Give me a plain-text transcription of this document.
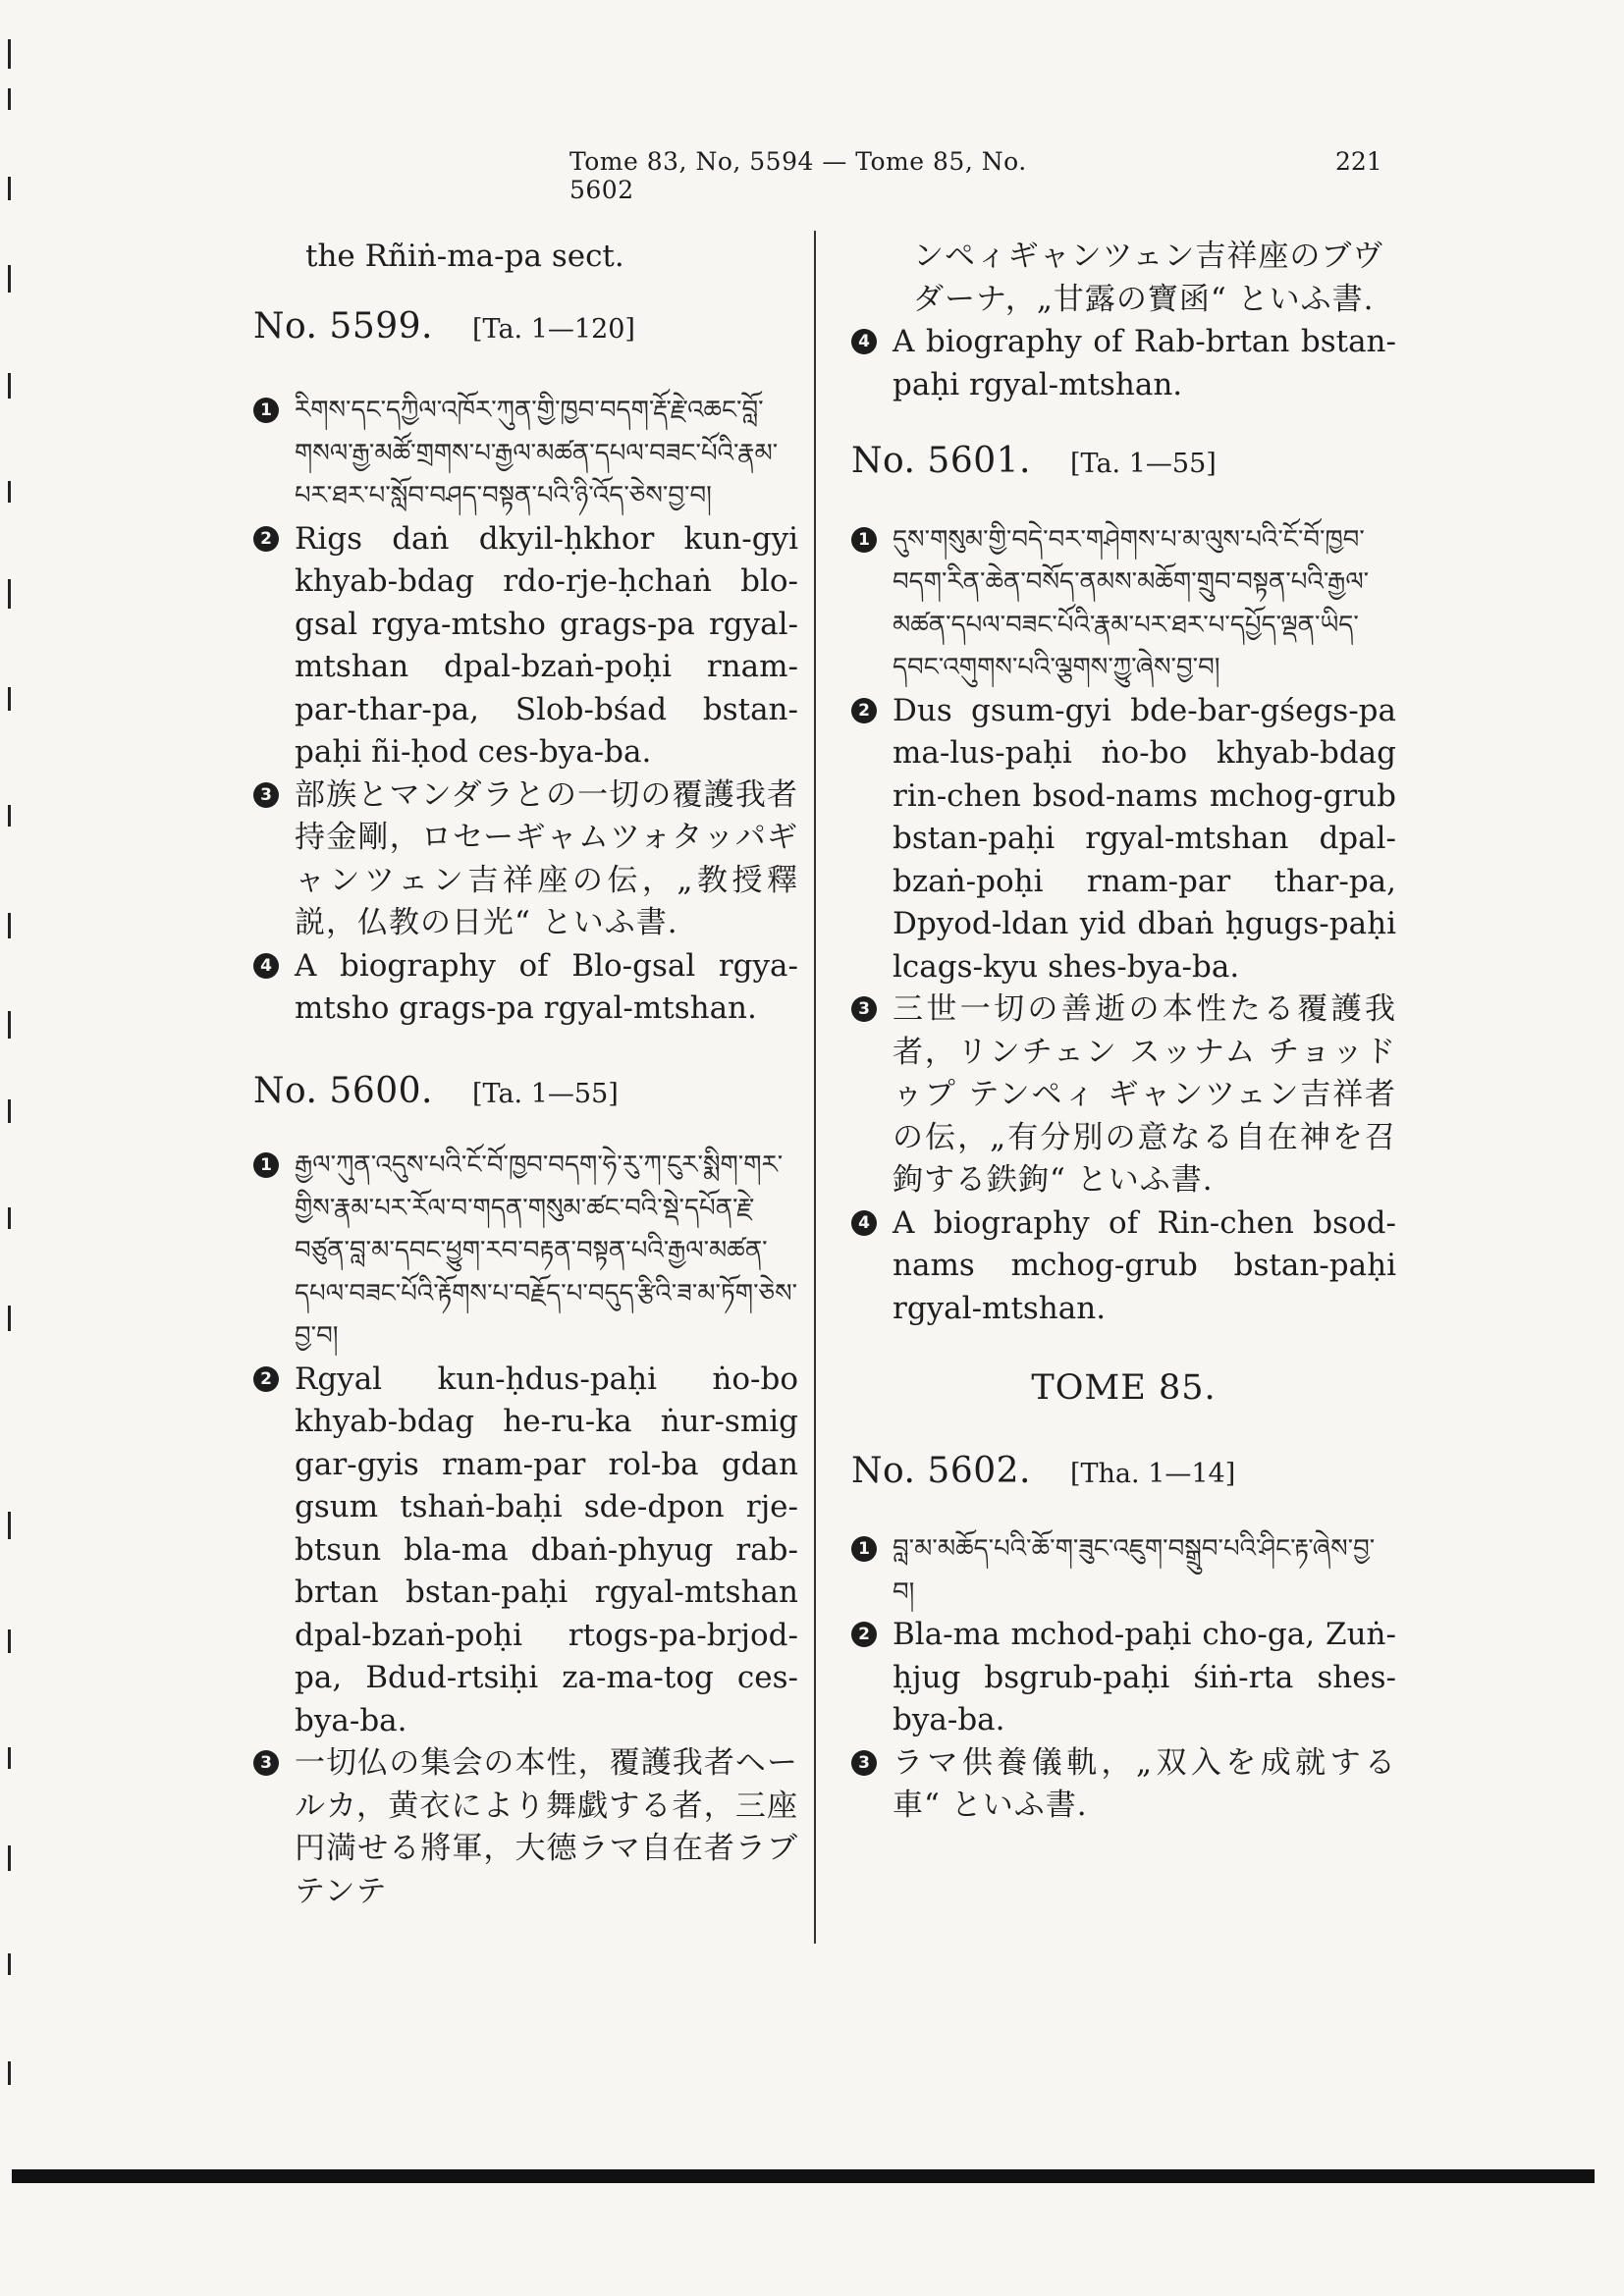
Tome 83, No, 5594 — Tome 85, No. 5602
221

the Rñiṅ-ma-pa sect.

No. 5599. [Ta. 1—120]
1 རིགས་དང་དཀྱིལ་འཁོར་ཀུན་གྱི་ཁྱབ་བདག་རྡོ་རྗེ་འཆང་བློ་གསལ་རྒྱ་མཚོ་གྲགས་པ་རྒྱལ་མཚན་དཔལ་བཟང་པོའི་རྣམ་པར་ཐར་པ་སློབ་བཤད་བསྟན་པའི་ཉི་འོད་ཅེས་བྱ་བ།
2 Rigs daṅ dkyil-ḥkhor kun-gyi khyab-bdag rdo-rje-ḥchaṅ blo-gsal rgya-mtsho grags-pa rgyal-mtshan dpal-bzaṅ-poḥi rnam-par-thar-pa, Slob-bśad bstan-paḥi ñi-ḥod ces-bya-ba.
3 部族とマンダラとの一切の覆護我者持金剛，ロセーギャムツォタッパギャンツェン吉祥座の伝，„教授釋説，仏教の日光“ といふ書.
4 A biography of Blo-gsal rgya-mtsho grags-pa rgyal-mtshan.
No. 5600. [Ta. 1—55]
1 རྒྱལ་ཀུན་འདུས་པའི་ངོ་བོ་ཁྱབ་བདག་ཧེ་རུ་ཀ་ངུར་སྨིག་གར་གྱིས་རྣམ་པར་རོལ་བ་གདན་གསུམ་ཚང་བའི་སྡེ་དཔོན་རྗེ་བཙུན་བླ་མ་དབང་ཕྱུག་རབ་བརྟན་བསྟན་པའི་རྒྱལ་མཚན་དཔལ་བཟང་པོའི་རྟོགས་པ་བརྗོད་པ་བདུད་རྩིའི་ཟ་མ་ཏོག་ཅེས་བྱ་བ།
2 Rgyal kun-ḥdus-paḥi ṅo-bo khyab-bdag he-ru-ka ṅur-smig gar-gyis rnam-par rol-ba gdan gsum tshaṅ-baḥi sde-dpon rje-btsun bla-ma dbaṅ-phyug rab-brtan bstan-paḥi rgyal-mtshan dpal-bzaṅ-poḥi rtogs-pa-brjod-pa, Bdud-rtsiḥi za-ma-tog ces-bya-ba.
3 一切仏の集会の本性，覆護我者ヘールカ，黄衣により舞戯する者，三座円満せる將軍，大德ラマ自在者ラブテンテ

ンペィギャンツェン吉祥座のブヴダーナ，„甘露の寶函“ といふ書.

4 A biography of Rab-brtan bstan-paḥi rgyal-mtshan.
No. 5601. [Ta. 1—55]
1 དུས་གསུམ་གྱི་བདེ་བར་གཤེགས་པ་མ་ལུས་པའི་ངོ་བོ་ཁྱབ་བདག་རིན་ཆེན་བསོད་ནམས་མཆོག་གྲུབ་བསྟན་པའི་རྒྱལ་མཚན་དཔལ་བཟང་པོའི་རྣམ་པར་ཐར་པ་དཔྱོད་ལྡན་ཡིད་དབང་འགུགས་པའི་ལྕགས་ཀྱུ་ཞེས་བྱ་བ།
2 Dus gsum-gyi bde-bar-gśegs-pa ma-lus-paḥi ṅo-bo khyab-bdag rin-chen bsod-nams mchog-grub bstan-paḥi rgyal-mtshan dpal-bzaṅ-poḥi rnam-par thar-pa, Dpyod-ldan yid dbaṅ ḥgugs-paḥi lcags-kyu shes-bya-ba.
3 三世一切の善逝の本性たる覆護我者，リンチェン スッナム チョッドゥプ テンペィ ギャンツェン吉祥者の伝，„有分別の意なる自在神を召鉤する鉄鉤“ といふ書.
4 A biography of Rin-chen bsod-nams mchog-grub bstan-paḥi rgyal-mtshan.

TOME 85.

No. 5602. [Tha. 1—14]
1 བླ་མ་མཆོད་པའི་ཆོ་ག་ཟུང་འཇུག་བསྒྲུབ་པའི་ཤིང་རྟ་ཞེས་བྱ་བ།
2 Bla-ma mchod-paḥi cho-ga, Zuṅ-ḥjug bsgrub-paḥi śiṅ-rta shes-bya-ba.
3 ラマ供養儀軌，„双入を成就する車“ といふ書.
